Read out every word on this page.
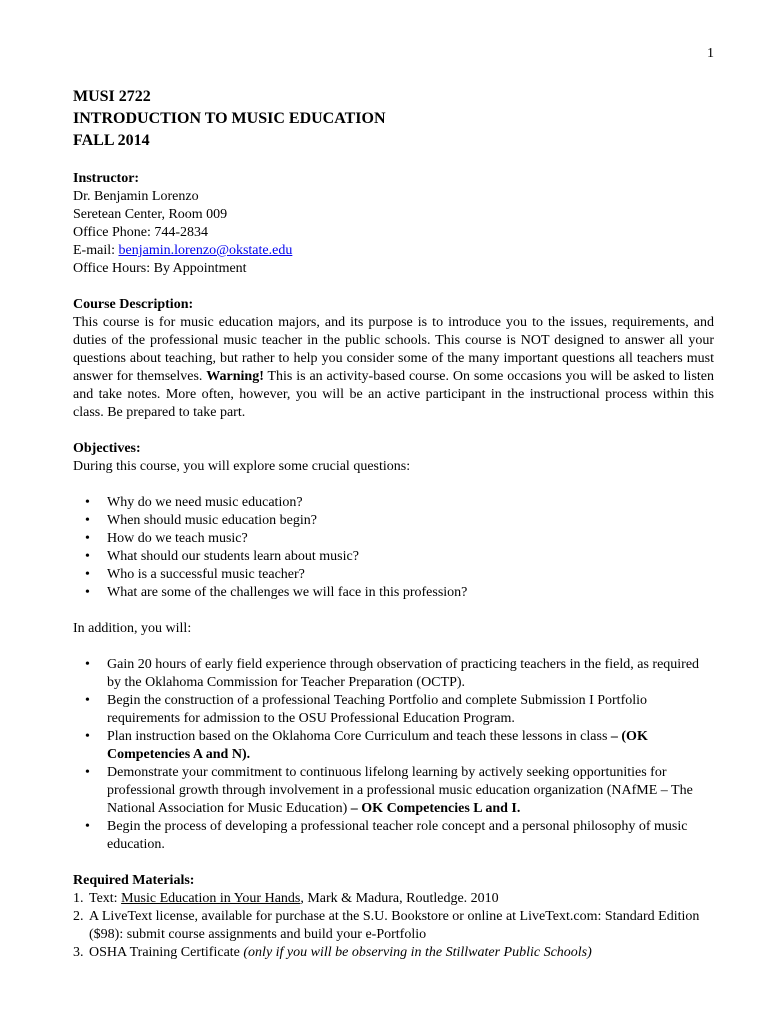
1

MUSI 2722

INTRODUCTION TO MUSIC EDUCATION

FALL 2014

Instructor:

Dr. Benjamin Lorenzo

Seretean Center, Room 009

Office Phone: 744-2834

E-mail: benjamin.lorenzo@okstate.edu

Office Hours: By Appointment

Course Description:

This course is for music education majors, and its purpose is to introduce you to the issues, requirements, and duties of the professional music teacher in the public schools. This course is NOT designed to answer all your questions about teaching, but rather to help you consider some of the many important questions all teachers must answer for themselves. Warning! This is an activity-based course. On some occasions you will be asked to listen and take notes. More often, however, you will be an active participant in the instructional process within this class. Be prepared to take part.

Objectives:

During this course, you will explore some crucial questions:

• Why do we need music education?
• When should music education begin?
• How do we teach music?
• What should our students learn about music?
• Who is a successful music teacher?
• What are some of the challenges we will face in this profession?

In addition, you will:

• Gain 20 hours of early field experience through observation of practicing teachers in the field, as required by the Oklahoma Commission for Teacher Preparation (OCTP).
• Begin the construction of a professional Teaching Portfolio and complete Submission I Portfolio requirements for admission to the OSU Professional Education Program.
• Plan instruction based on the Oklahoma Core Curriculum and teach these lessons in class – (OK Competencies A and N).
• Demonstrate your commitment to continuous lifelong learning by actively seeking opportunities for professional growth through involvement in a professional music education organization (NAfME – The National Association for Music Education) – OK Competencies L and I.
• Begin the process of developing a professional teacher role concept and a personal philosophy of music education.

Required Materials:

1. Text: Music Education in Your Hands, Mark & Madura, Routledge. 2010
2. A LiveText license, available for purchase at the S.U. Bookstore or online at LiveText.com: Standard Edition ($98): submit course assignments and build your e-Portfolio
3. OSHA Training Certificate (only if you will be observing in the Stillwater Public Schools)
